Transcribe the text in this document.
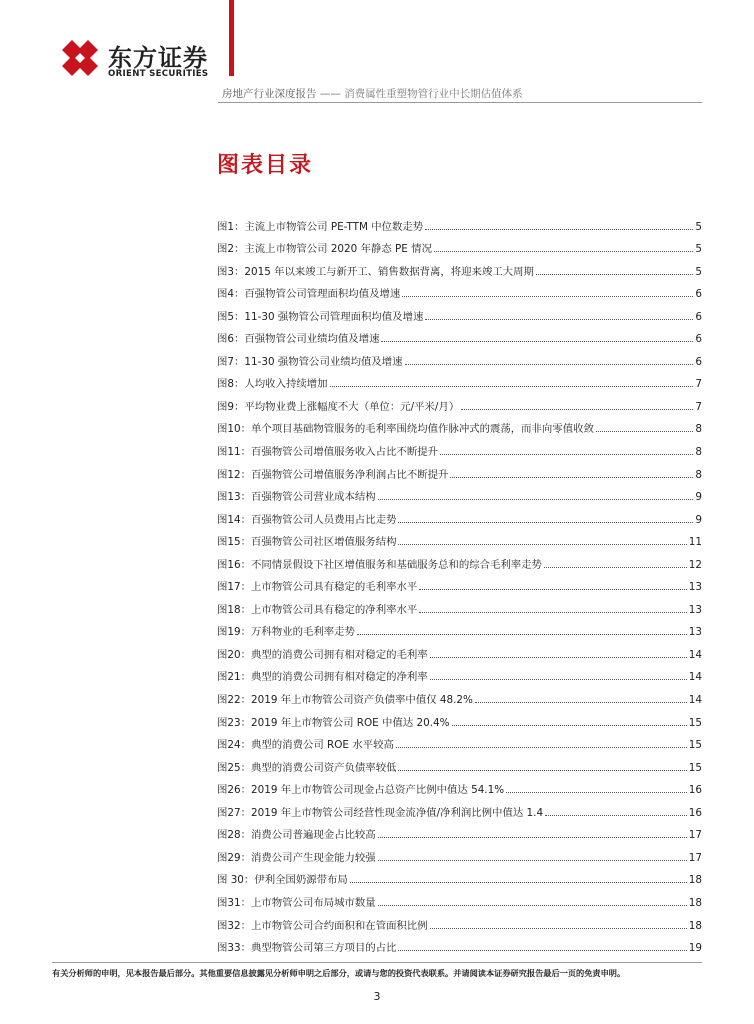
东方证券
ORIENT SECURITIES
房地产行业深度报告 —— 消费属性重塑物管行业中长期估值体系
图表目录
图1：主流上市物管公司 PE-TTM 中位数走势	5
图2：主流上市物管公司 2020 年静态 PE 情况	5
图3：2015 年以来竣工与新开工、销售数据背离，将迎来竣工大周期	5
图4：百强物管公司管理面积均值及增速	6
图5：11-30 强物管公司管理面积均值及增速	6
图6：百强物管公司业绩均值及增速	6
图7：11-30 强物管公司业绩均值及增速	6
图8：人均收入持续增加	7
图9：平均物业费上涨幅度不大（单位：元/平米/月）	7
图10：单个项目基础物管服务的毛利率围绕均值作脉冲式的震荡，而非向零值收敛	8
图11：百强物管公司增值服务收入占比不断提升	8
图12：百强物管公司增值服务净利润占比不断提升	8
图13：百强物管公司营业成本结构	9
图14：百强物管公司人员费用占比走势	9
图15：百强物管公司社区增值服务结构	11
图16：不同情景假设下社区增值服务和基础服务总和的综合毛利率走势	12
图17：上市物管公司具有稳定的毛利率水平	13
图18：上市物管公司具有稳定的净利率水平	13
图19：万科物业的毛利率走势	13
图20：典型的消费公司拥有相对稳定的毛利率	14
图21：典型的消费公司拥有相对稳定的净利率	14
图22：2019 年上市物管公司资产负债率中值仅 48.2%	14
图23：2019 年上市物管公司 ROE 中值达 20.4%	15
图24：典型的消费公司 ROE 水平较高	15
图25：典型的消费公司资产负债率较低	15
图26：2019 年上市物管公司现金占总资产比例中值达 54.1%	16
图27：2019 年上市物管公司经营性现金流净值/净利润比例中值达 1.4	16
图28：消费公司普遍现金占比较高	17
图29：消费公司产生现金能力较强	17
图 30：伊利全国奶源带布局	18
图31：上市物管公司布局城市数量	18
图32：上市物管公司合约面积和在管面积比例	18
图33：典型物管公司第三方项目的占比	19
有关分析师的申明，见本报告最后部分。其他重要信息披露见分析师申明之后部分，或请与您的投资代表联系。并请阅读本证券研究报告最后一页的免责申明。
3
